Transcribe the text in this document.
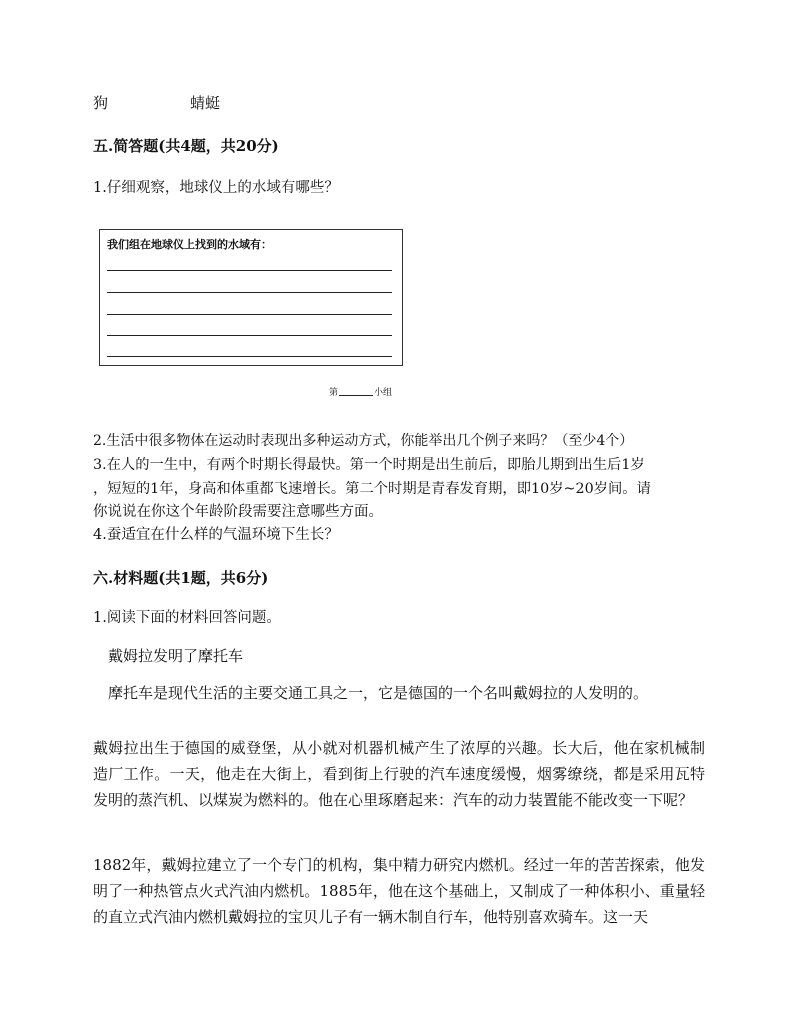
狗	蜻蜓
五.简答题(共4题，共20分)
1.仔细观察，地球仪上的水域有哪些？
我们组在地球仪上找到的水域有：
第	小组
2.生活中很多物体在运动时表现出多种运动方式，你能举出几个例子来吗？（至少4个）
3.在人的一生中，有两个时期长得最快。第一个时期是出生前后，即胎儿期到出生后1岁
，短短的1年，身高和体重都飞速增长。第二个时期是青春发育期，即10岁~20岁间。请
你说说在你这个年龄阶段需要注意哪些方面。
4.蚕适宜在什么样的气温环境下生长？
六.材料题(共1题，共6分)
1.阅读下面的材料回答问题。
戴姆拉发明了摩托车
摩托车是现代生活的主要交通工具之一，它是德国的一个名叫戴姆拉的人发明的。
戴姆拉出生于德国的威登堡，从小就对机器机械产生了浓厚的兴趣。长大后，他在家机械制造厂工作。一天，他走在大街上，看到街上行驶的汽车速度缓慢，烟雾缭绕，都是采用瓦特发明的蒸汽机、以煤炭为燃料的。他在心里琢磨起来：汽车的动力装置能不能改变一下呢？
1882年，戴姆拉建立了一个专门的机构，集中精力研究内燃机。经过一年的苦苦探索，他发明了一种热管点火式汽油内燃机。1885年，他在这个基础上，又制成了一种体积小、重量轻的直立式汽油内燃机戴姆拉的宝贝儿子有一辆木制自行车，他特别喜欢骑车。这一天
